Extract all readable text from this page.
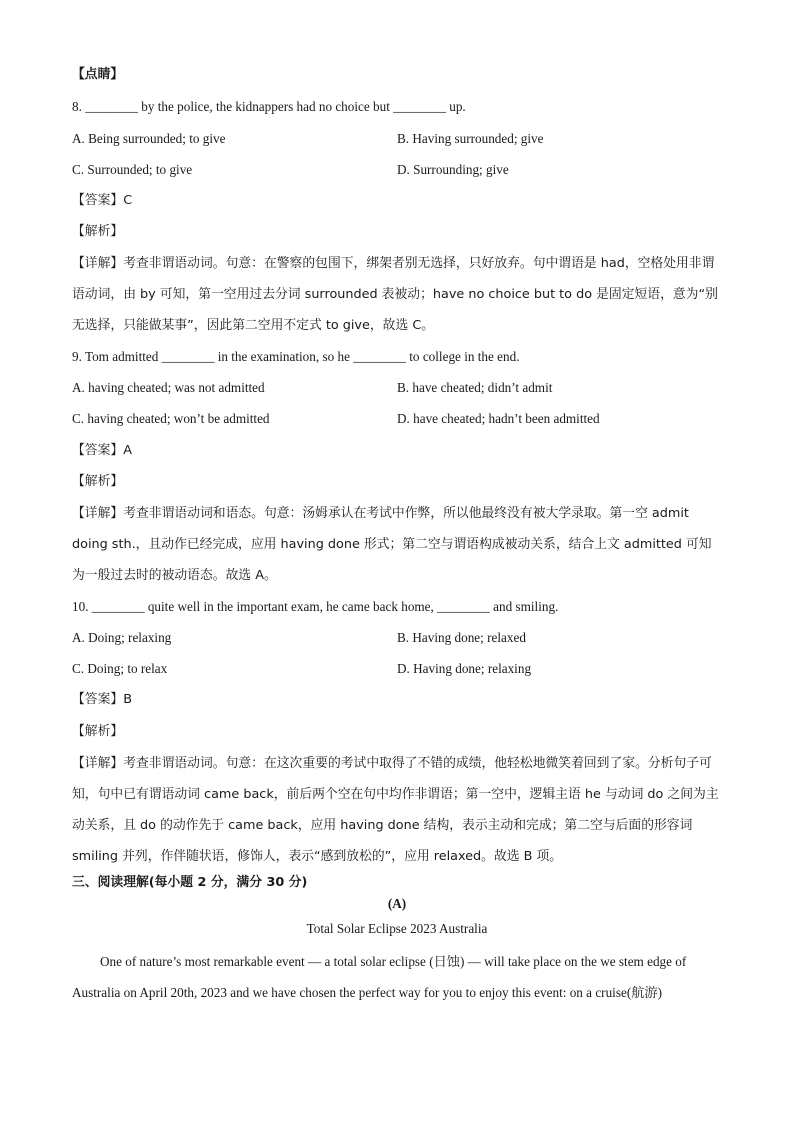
【点睛】
8. ________ by the police, the kidnappers had no choice but ________ up.
A. Being surrounded; to give	B. Having surrounded; give
C. Surrounded; to give	D. Surrounding; give
【答案】C
【解析】
【详解】考查非谓语动词。句意：在警察的包围下，绑架者别无选择，只好放弃。句中谓语是 had，空格处用非谓语动词，由 by 可知，第一空用过去分词 surrounded 表被动；have no choice but to do 是固定短语，意为“别无选择，只能做某事”，因此第二空用不定式 to give，故选 C。
9. Tom admitted ________ in the examination, so he ________ to college in the end.
A. having cheated; was not admitted	B. have cheated; didn’t admit
C. having cheated; won’t be admitted	D. have cheated; hadn’t been admitted
【答案】A
【解析】
【详解】考查非谓语动词和语态。句意：汤姆承认在考试中作弊，所以他最终没有被大学录取。第一空 admit doing sth.，且动作已经完成，应用 having done 形式；第二空与谓语构成被动关系，结合上文 admitted 可知为一般过去时的被动语态。故选 A。
10. ________ quite well in the important exam, he came back home, ________ and smiling.
A. Doing; relaxing	B. Having done; relaxed
C. Doing; to relax	D. Having done; relaxing
【答案】B
【解析】
【详解】考查非谓语动词。句意：在这次重要的考试中取得了不错的成绩，他轻松地微笑着回到了家。分析句子可知，句中已有谓语动词 came back，前后两个空在句中均作非谓语；第一空中，逻辑主语 he 与动词 do 之间为主动关系，且 do 的动作先于 came back，应用 having done 结构，表示主动和完成；第二空与后面的形容词 smiling 并列，作伴随状语，修饰人，表示“感到放松的”，应用 relaxed。故选 B 项。
三、阅读理解(每小题 2 分，满分 30 分)
(A)
Total Solar Eclipse 2023 Australia
One of nature’s most remarkable event — a total solar eclipse (日蚀) — will take place on the we stem edge of Australia on April 20th, 2023 and we have chosen the perfect way for you to enjoy this event: on a cruise(航游)
